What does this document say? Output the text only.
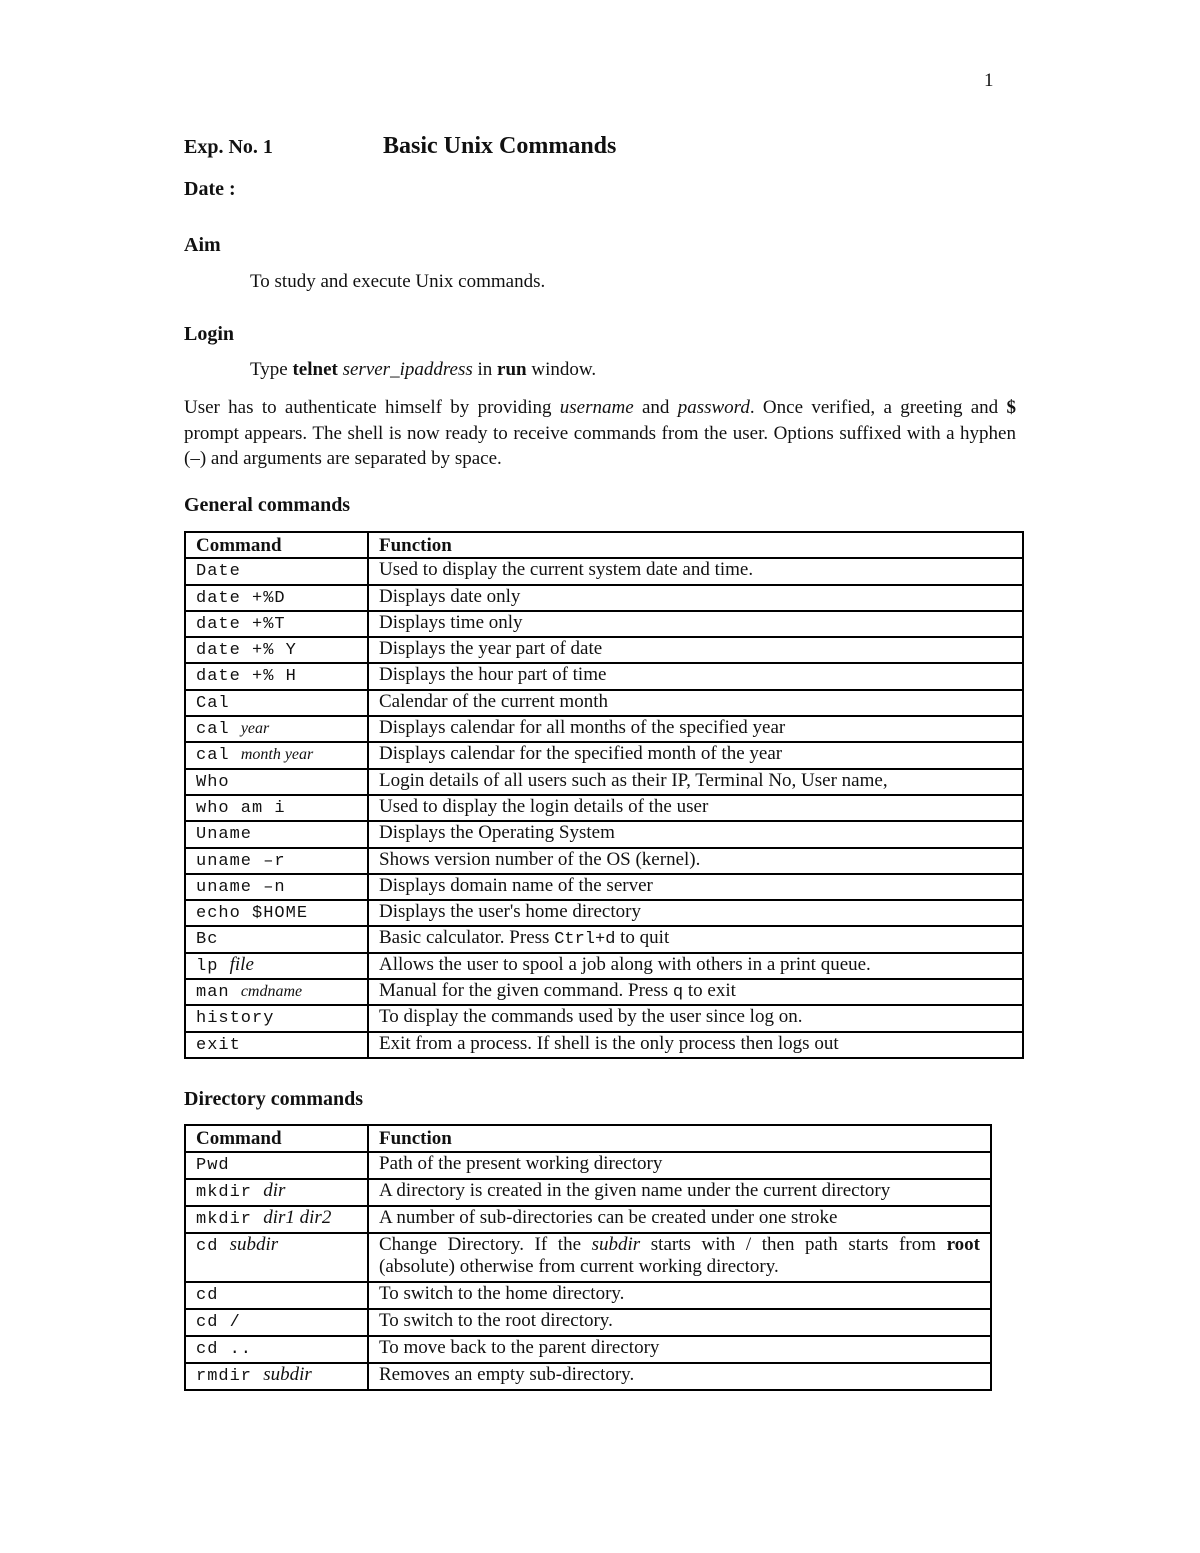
1
Exp. No. 1	Basic Unix Commands
Date :
Aim
To study and execute Unix commands.
Login
Type telnet server_ipaddress in run window.
User has to authenticate himself by providing username and password. Once verified, a greeting and $ prompt appears. The shell is now ready to receive commands from the user. Options suffixed with a hyphen (–) and arguments are separated by space.
General commands
Command	Function
Date	Used to display the current system date and time.
date +%D	Displays date only
date +%T	Displays time only
date +% Y	Displays the year part of date
date +% H	Displays the hour part of time
Cal	Calendar of the current month
cal year	Displays calendar for all months of the specified year
cal month year	Displays calendar for the specified month of the year
Who	Login details of all users such as their IP, Terminal No, User name,
who am i	Used to display the login details of the user
Uname	Displays the Operating System
uname –r	Shows version number of the OS (kernel).
uname –n	Displays domain name of the server
echo $HOME	Displays the user's home directory
Bc	Basic calculator. Press Ctrl+d to quit
lp file	Allows the user to spool a job along with others in a print queue.
man cmdname	Manual for the given command. Press q to exit
history	To display the commands used by the user since log on.
exit	Exit from a process. If shell is the only process then logs out
Directory commands
Command	Function
Pwd	Path of the present working directory
mkdir dir	A directory is created in the given name under the current directory
mkdir dir1 dir2	A number of sub-directories can be created under one stroke
cd subdir	Change Directory. If the subdir starts with / then path starts from root (absolute) otherwise from current working directory.
cd	To switch to the home directory.
cd /	To switch to the root directory.
cd ..	To move back to the parent directory
rmdir subdir	Removes an empty sub-directory.
